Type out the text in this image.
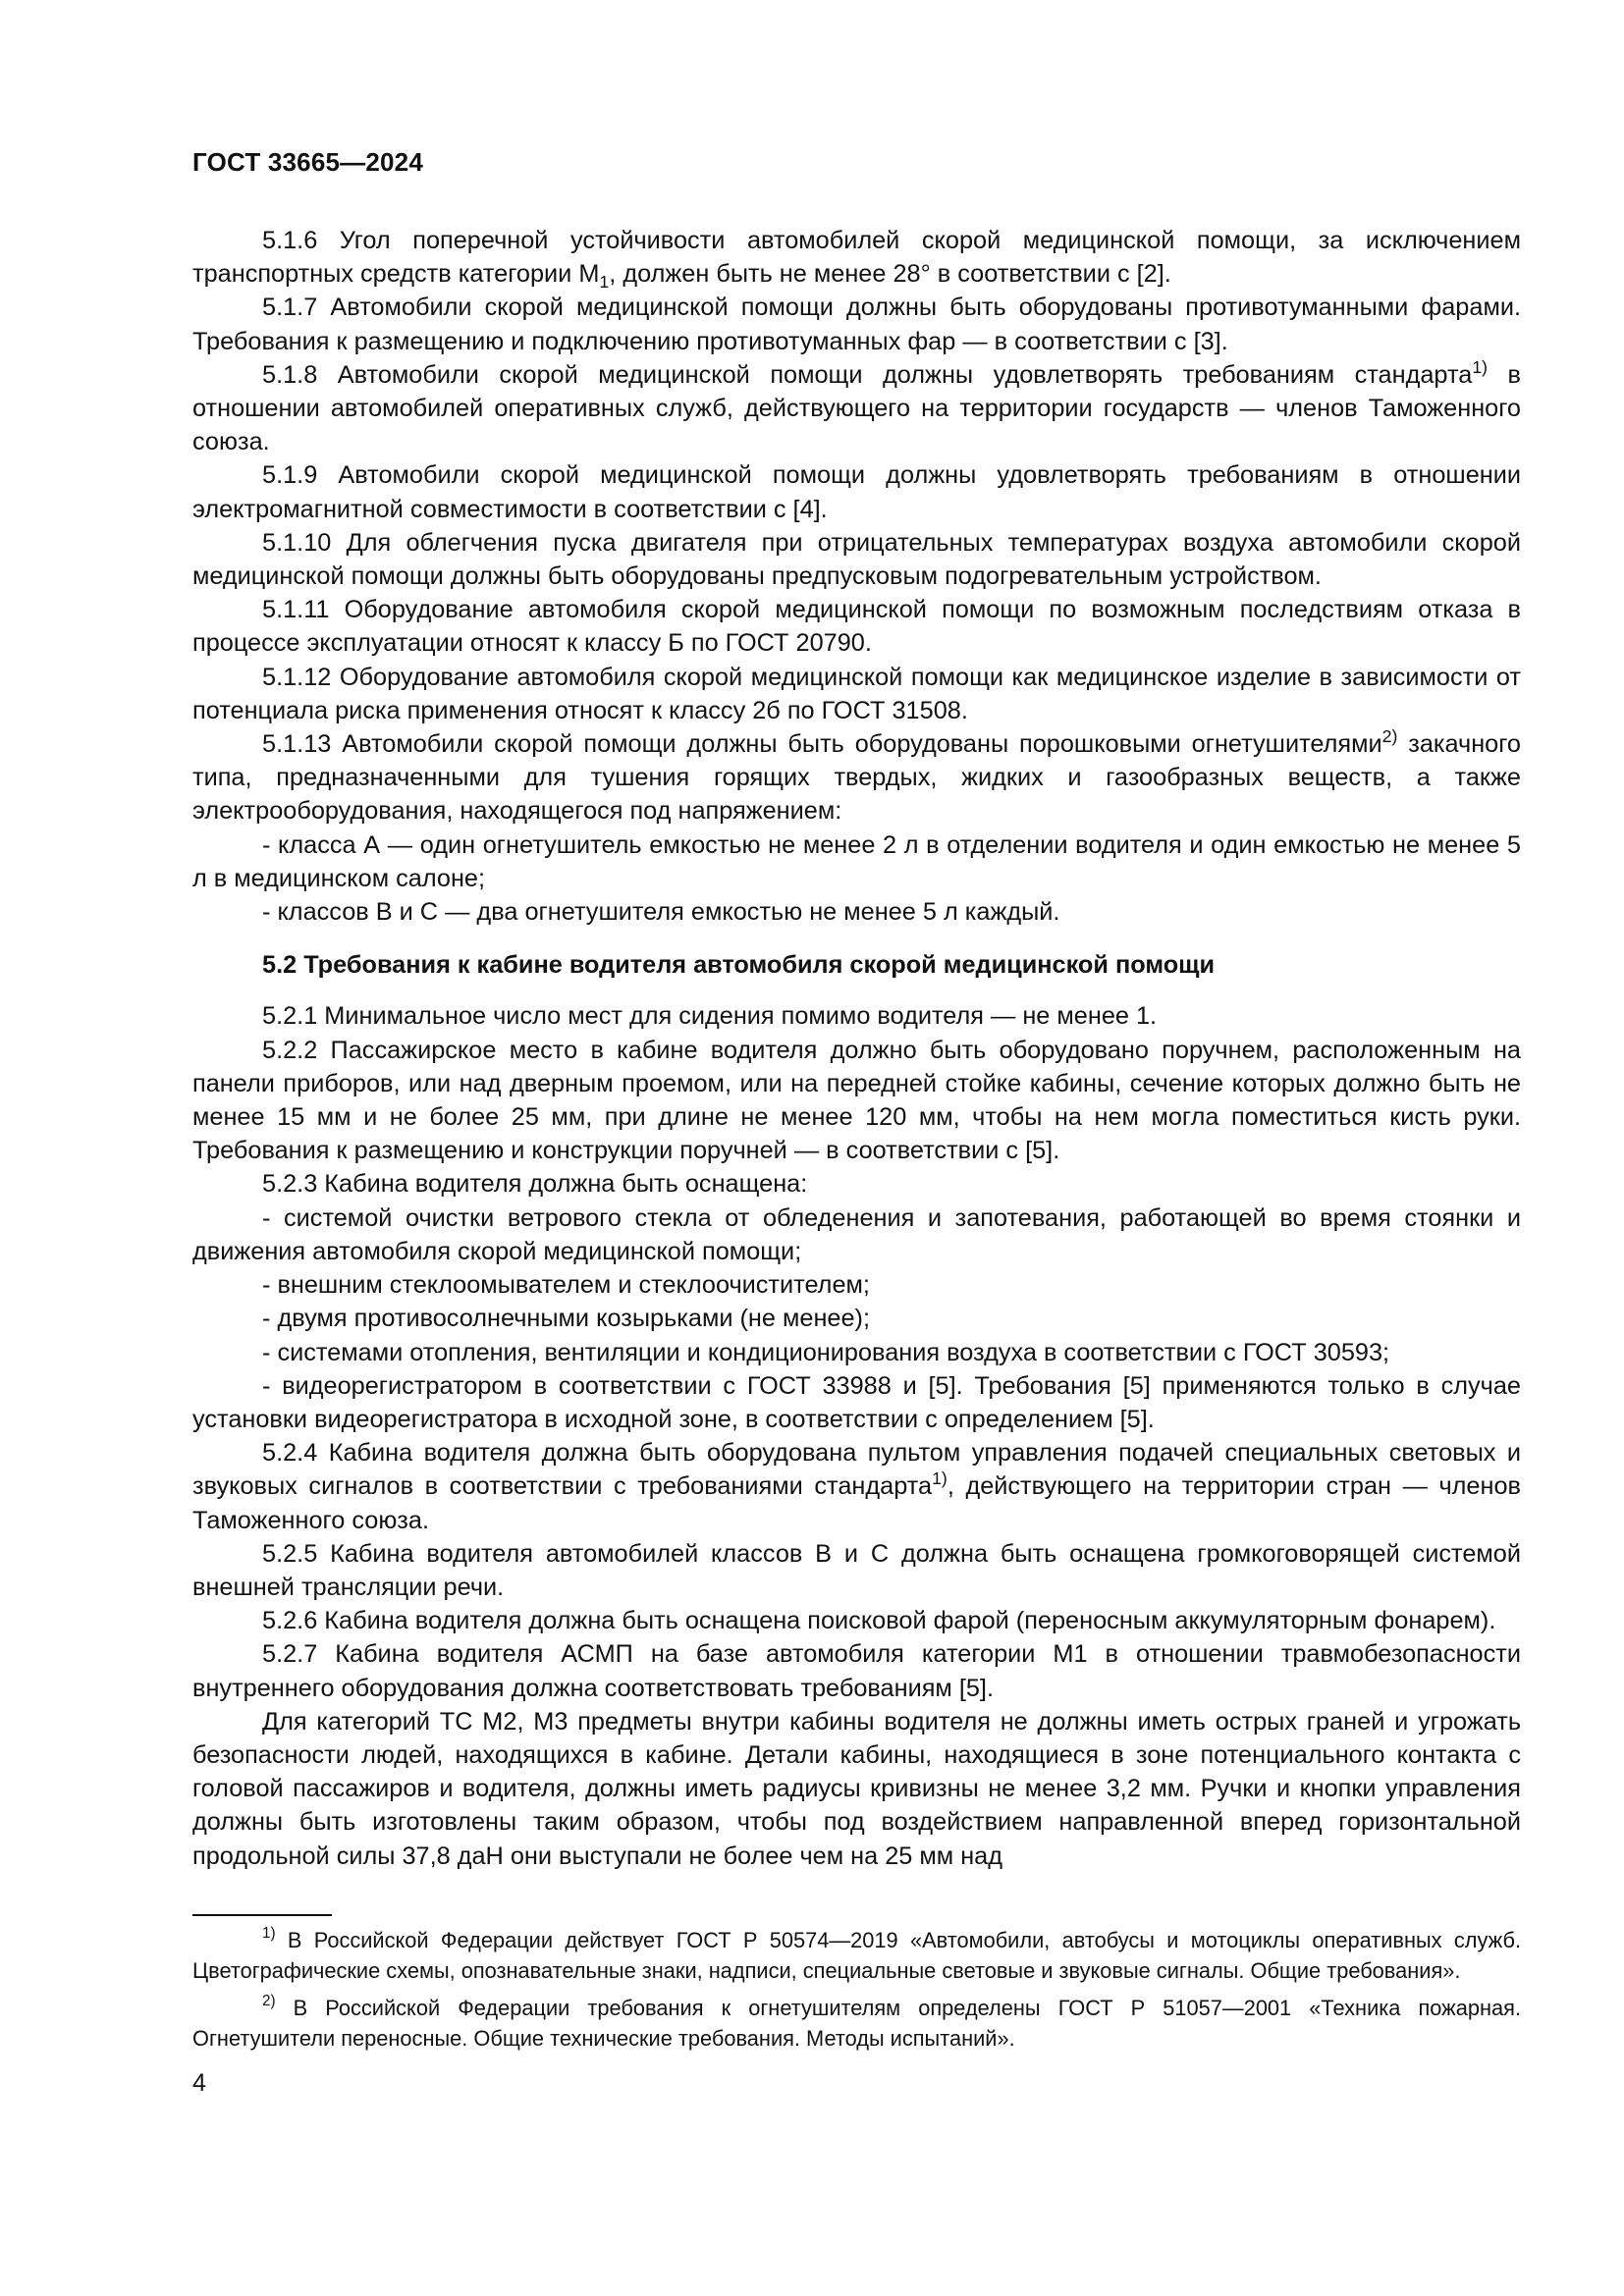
ГОСТ 33665—2024

5.1.6 Угол поперечной устойчивости автомобилей скорой медицинской помощи, за исключением транспортных средств категории $М_1$, должен быть не менее 28° в соответствии с [2].

5.1.7 Автомобили скорой медицинской помощи должны быть оборудованы противотуманными фарами. Требования к размещению и подключению противотуманных фар — в соответствии с [3].

5.1.8 Автомобили скорой медицинской помощи должны удовлетворять требованиям стандарта$^{1)}$ в отношении автомобилей оперативных служб, действующего на территории государств — членов Таможенного союза.

5.1.9 Автомобили скорой медицинской помощи должны удовлетворять требованиям в отношении электромагнитной совместимости в соответствии с [4].

5.1.10 Для облегчения пуска двигателя при отрицательных температурах воздуха автомобили скорой медицинской помощи должны быть оборудованы предпусковым подогревательным устройством.

5.1.11 Оборудование автомобиля скорой медицинской помощи по возможным последствиям отказа в процессе эксплуатации относят к классу Б по ГОСТ 20790.

5.1.12 Оборудование автомобиля скорой медицинской помощи как медицинское изделие в зависимости от потенциала риска применения относят к классу 2б по ГОСТ 31508.

5.1.13 Автомобили скорой помощи должны быть оборудованы порошковыми огнетушителями$^{2)}$ закачного типа, предназначенными для тушения горящих твердых, жидких и газообразных веществ, а также электрооборудования, находящегося под напряжением:

- класса А — один огнетушитель емкостью не менее 2 л в отделении водителя и один емкостью не менее 5 л в медицинском салоне;

- классов В и С — два огнетушителя емкостью не менее 5 л каждый.

5.2 Требования к кабине водителя автомобиля скорой медицинской помощи

5.2.1 Минимальное число мест для сидения помимо водителя — не менее 1.

5.2.2 Пассажирское место в кабине водителя должно быть оборудовано поручнем, расположенным на панели приборов, или над дверным проемом, или на передней стойке кабины, сечение которых должно быть не менее 15 мм и не более 25 мм, при длине не менее 120 мм, чтобы на нем могла поместиться кисть руки. Требования к размещению и конструкции поручней — в соответствии с [5].

5.2.3 Кабина водителя должна быть оснащена:

- системой очистки ветрового стекла от обледенения и запотевания, работающей во время стоянки и движения автомобиля скорой медицинской помощи;

- внешним стеклоомывателем и стеклоочистителем;

- двумя противосолнечными козырьками (не менее);

- системами отопления, вентиляции и кондиционирования воздуха в соответствии с ГОСТ 30593;

- видеорегистратором в соответствии с ГОСТ 33988 и [5]. Требования [5] применяются только в случае установки видеорегистратора в исходной зоне, в соответствии с определением [5].

5.2.4 Кабина водителя должна быть оборудована пультом управления подачей специальных световых и звуковых сигналов в соответствии с требованиями стандарта$^{1)}$, действующего на территории стран — членов Таможенного союза.

5.2.5 Кабина водителя автомобилей классов В и С должна быть оснащена громкоговорящей системой внешней трансляции речи.

5.2.6 Кабина водителя должна быть оснащена поисковой фарой (переносным аккумуляторным фонарем).

5.2.7 Кабина водителя АСМП на базе автомобиля категории М1 в отношении травмобезопасности внутреннего оборудования должна соответствовать требованиям [5].

Для категорий ТС М2, М3 предметы внутри кабины водителя не должны иметь острых граней и угрожать безопасности людей, находящихся в кабине. Детали кабины, находящиеся в зоне потенциального контакта с головой пассажиров и водителя, должны иметь радиусы кривизны не менее 3,2 мм. Ручки и кнопки управления должны быть изготовлены таким образом, чтобы под воздействием направленной вперед горизонтальной продольной силы 37,8 даН они выступали не более чем на 25 мм над

$^{1)}$ В Российской Федерации действует ГОСТ Р 50574—2019 «Автомобили, автобусы и мотоциклы оперативных служб. Цветографические схемы, опознавательные знаки, надписи, специальные световые и звуковые сигналы. Общие требования».

$^{2)}$ В Российской Федерации требования к огнетушителям определены ГОСТ Р 51057—2001 «Техника пожарная. Огнетушители переносные. Общие технические требования. Методы испытаний».

4
